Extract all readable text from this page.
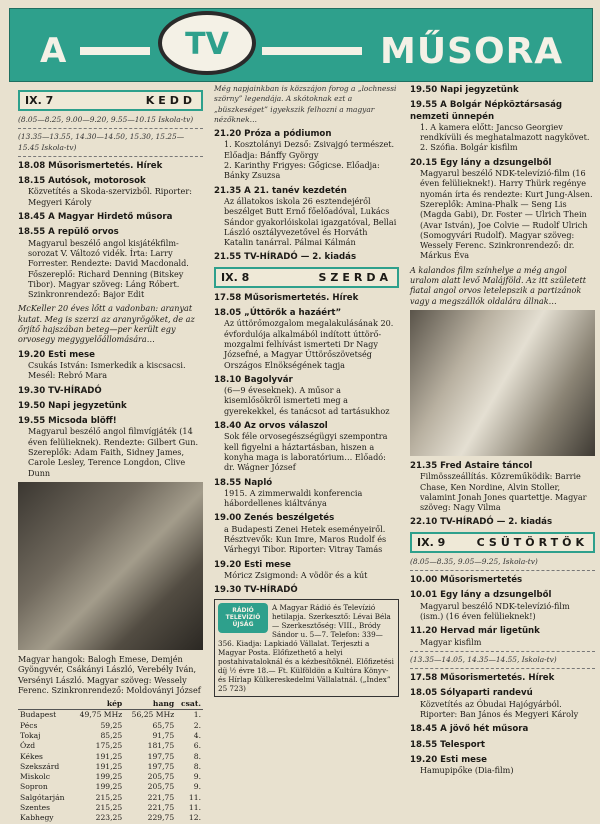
A	TV	MŰSORA
IX. 7	KEDD
(8.05—8.25, 9.00—9.20, 9.55—10.15 Iskola-tv)
(13.35—13.55, 14.30—14.50, 15.30, 15.25—15.45 Iskola-tv)

18.08 Műsorismertetés. Hírek

18.15 Autósok, motorosok
Közvetítés a Skoda-szervizből. Riporter: Megyeri Károly

18.45 A Magyar Hirdető műsora

18.55 A repülő orvos
Magyarul beszélő angol kisjátékfilm-sorozat V. Változó vidék. Írta: Larry Forrester. Rendezte: David Macdonald. Főszereplő: Richard Denning (Bitskey Tibor). Magyar szöveg: Láng Róbert. Szinkronrendező: Bajor Edit

McKeller 20 éves lőtt a vadonban: aranyat kutat. Meg is szerzi az aranyrögöket, de az őrjítő hajszában beteg—per került egy orvosegy megygyelőállomására…

19.20 Esti mese
Csukás István: Ismerkedik a kiscsacsi. Mesél: Rebró Mara

19.30 TV-HÍRADÓ

19.50 Napi jegyzetünk

19.55 Micsoda blöff!
Magyarul beszélő angol filmvígjáték (14 éven felülieknek). Rendezte: Gilbert Gun. Szereplők: Adam Faith, Sidney James, Carole Lesley, Terence Longdon, Clive Dunn

Magyar hangok: Balogh Emese, Demjén Gyöngyvér, Csákányi László, Verebély Iván, Versényi László. Magyar szöveg: Wessely Ferenc. Szinkronrendező: Moldoványi József

	kép	hang	csat.
Budapest	49,75 MHz	56,25 MHz	1.
Pécs	59,25	65,75	2.
Tokaj	85,25	91,75	4.
Ózd	175,25	181,75	6.
Kékes	191,25	197,75	8.
Szekszárd	191,25	197,75	8.
Miskolc	199,25	205,75	9.
Sopron	199,25	205,75	9.
Salgótarján	215,25	221,75	11.
Szentes	215,25	221,75	11.
Kabhegy	223,25	229,75	12.

Még napjainkban is közszájon forog a „lochnessi szörny” legendája. A skótoknak ezt a „büszkeséget” igyekszik felhozni a magyar nézőknek…

21.20 Próza a pódiumon
1. Kosztolányi Dezső: Zsivajgó természet. Előadja: Bánffy György
2. Karinthy Frigyes: Gőgicse. Előadja: Bánky Zsuzsa

21.35 A 21. tanév kezdetén
Az állatokos iskola 26 esztendejéről beszélget Butt Ernő főelőadóval, Lukács Sándor gyakorlóiskolai igazgatóval, Bellai László osztályvezetővel és Horváth Katalin tanárral. Pálmai Kálmán

21.55 TV-HÍRADÓ — 2. kiadás

IX. 8	SZERDA

17.58 Műsorismertetés. Hírek

18.05 „Úttörők a hazáért”
Az úttörőmozgalom megalakulásának 20. évfordulója alkalmából indított úttörő-mozgalmi felhívást ismerteti Dr Nagy Józsefné, a Magyar Úttörőszövetség Országos Elnökségének tagja

18.10 Bagolyvár
(6—9 éveseknek). A műsor a kisemlősökről ismerteti meg a gyerekekkel, és tanácsot ad tartásukhoz

18.40 Az orvos válaszol
Sok féle orvosegészségügyi szempontra kell figyelni a háztartásban, hiszen a konyha maga is laboratórium… Előadó: dr. Wágner József

18.55 Napló
1915. A zimmerwaldi konferencia hábordellenes kiáltványa

19.00 Zenés beszélgetés
a Budapesti Zenei Hetek eseményeiről. Résztvevők: Kun Imre, Maros Rudolf és Várhegyi Tibor. Riporter: Vitray Tamás

19.20 Esti mese
Móricz Zsigmond: A vödör és a kút

19.30 TV-HÍRADÓ

RÁDIÓ TELEVÍZIÓ ÚJSÁG
A Magyar Rádió és Televízió hetilapja. Szerkesztő: Lévai Béla — Szerkesztőség: VIII., Bródy Sándor u. 5—7. Telefon: 339—356. Kiadja: Lapkiadó Vállalat. Terjeszti a Magyar Posta. Előfizethető a helyi postahivataloknál és a kézbesítőknél. Előfizetési díj ½ évre 18.— Ft. Külföldön a Kultúra Könyv- és Hírlap Külkereskedelmi Vállalatnál. („Index” 25 723)

19.50 Napi jegyzetünk

19.55 A Bolgár Népköztársaság nemzeti ünnepén
1. A kamera előtt: Jancso Georgiev rendkívüli és meghatalmazott nagykövet. 2. Szófia. Bolgár kisfilm

20.15 Egy lány a dzsungelből
Magyarul beszélő NDK-televízió-film (16 éven felülieknek!). Harry Thürk regénye nyomán írta és rendezte: Kurt Jung-Alsen. Szereplők: Amina-Phalk — Seng Lis (Magda Gabi), Dr. Foster — Ulrich Thein (Avar István), Joe Colvie — Rudolf Ulrich (Somogyvári Rudolf). Magyar szöveg: Wessely Ferenc. Szinkronrendező: dr. Márkus Éva

A kalandos film színhelye a még angol uralom alatt levő Malájföld. Az itt született fiatal angol orvos letelepszik a partizánok vagy a megszállók oldalára állnak…

21.35 Fred Astaire táncol
Filmösszeállítás. Közreműködik: Barrie Chase, Ken Nordine, Alvin Stoller, valamint Jonah Jones quartettje. Magyar szöveg: Nagy Vilma

22.10 TV-HÍRADÓ — 2. kiadás

IX. 9	CSÜTÖRTÖK
(8.05—8.35, 9.05—9.25, Iskola-tv)

10.00 Műsorismertetés

10.01 Egy lány a dzsungelből
Magyarul beszélő NDK-televízió-film (ism.) (16 éven felülieknek!)

11.20 Hervad már ligetünk
Magyar kisfilm

(13.35—14.05, 14.35—14.55, Iskola-tv)

17.58 Műsorismertetés. Hírek

18.05 Sólyaparti randevú
Közvetítés az Óbudai Hajógyárból. Riporter: Ban János és Megyeri Károly

18.45 A jövő hét műsora

18.55 Telesport

19.20 Esti mese
Hamupipőke (Dia-film)
